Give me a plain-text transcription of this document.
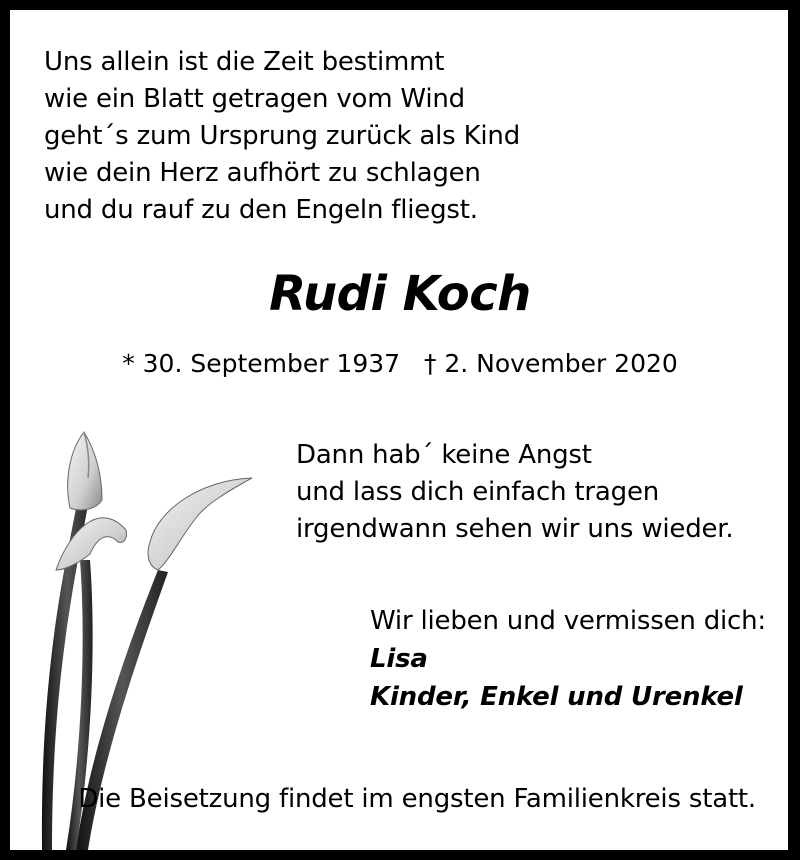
Uns allein ist die Zeit bestimmt
wie ein Blatt getragen vom Wind
geht´s zum Ursprung zurück als Kind
wie dein Herz aufhört zu schlagen
und du rauf zu den Engeln fliegst.
Rudi Koch
* 30. September 1937 † 2. November 2020
Dann hab´ keine Angst
und lass dich einfach tragen
irgendwann sehen wir uns wieder.
Wir lieben und vermissen dich:
Lisa
Kinder, Enkel und Urenkel
Die Beisetzung findet im engsten Familienkreis statt.
